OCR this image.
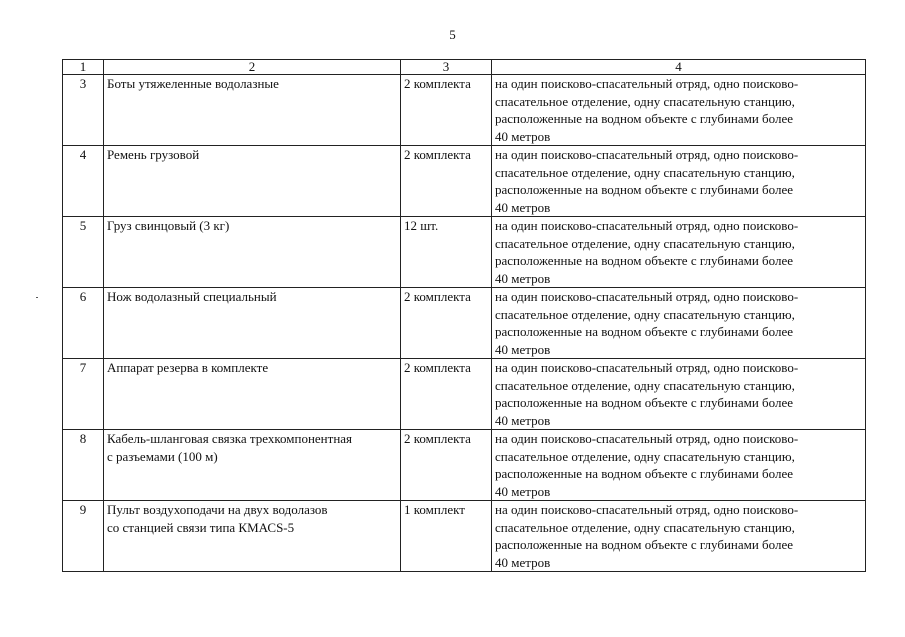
5
1	2	3	4
3	Боты утяжеленные водолазные	2 комплекта	на один поисково-спасательный отряд, одно поисково-
спасательное отделение, одну спасательную станцию,
расположенные на водном объекте с глубинами более
40 метров

4	Ремень грузовой	2 комплекта	на один поисково-спасательный отряд, одно поисково-
спасательное отделение, одну спасательную станцию,
расположенные на водном объекте с глубинами более
40 метров

5	Груз свинцовый (3 кг)	12 шт.	на один поисково-спасательный отряд, одно поисково-
спасательное отделение, одну спасательную станцию,
расположенные на водном объекте с глубинами более
40 метров

6	Нож водолазный специальный	2 комплекта	на один поисково-спасательный отряд, одно поисково-
спасательное отделение, одну спасательную станцию,
расположенные на водном объекте с глубинами более
40 метров

7	Аппарат резерва в комплекте	2 комплекта	на один поисково-спасательный отряд, одно поисково-
спасательное отделение, одну спасательную станцию,
расположенные на водном объекте с глубинами более
40 метров

8	Кабель-шланговая связка трехкомпонентная
с разъемами (100 м)	2 комплекта	на один поисково-спасательный отряд, одно поисково-
спасательное отделение, одну спасательную станцию,
расположенные на водном объекте с глубинами более
40 метров

9	Пульт воздухоподачи на двух водолазов
со станцией связи типа КМАСS-5	1 комплект	на один поисково-спасательный отряд, одно поисково-
спасательное отделение, одну спасательную станцию,
расположенные на водном объекте с глубинами более
40 метров
